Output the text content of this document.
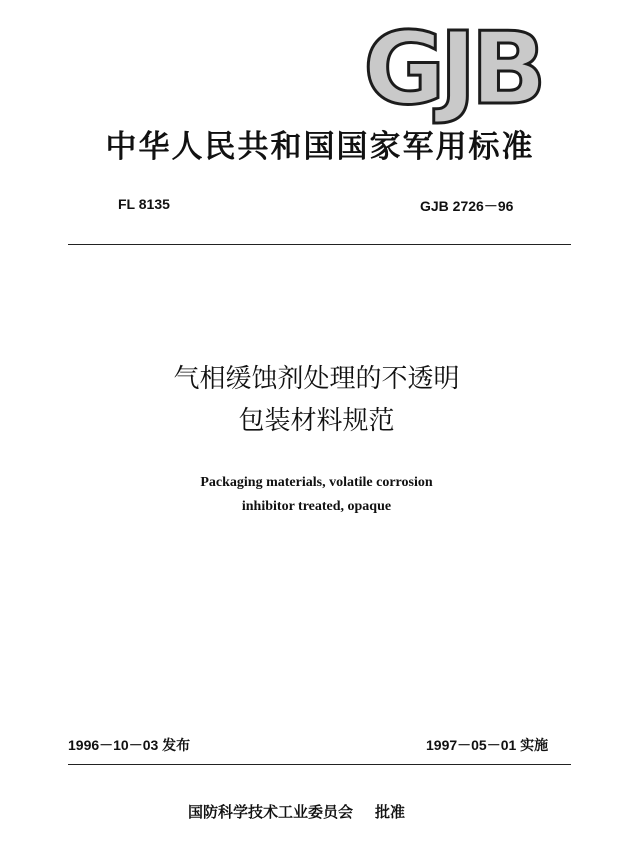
GJB
中华人民共和国国家军用标准
FL 8135	GJB 2726－96
气相缓蚀剂处理的不透明
包装材料规范
Packaging materials, volatile corrosion
inhibitor treated, opaque
1996－10－03 发布	1997－05－01 实施
国防科学技术工业委员会 批准
